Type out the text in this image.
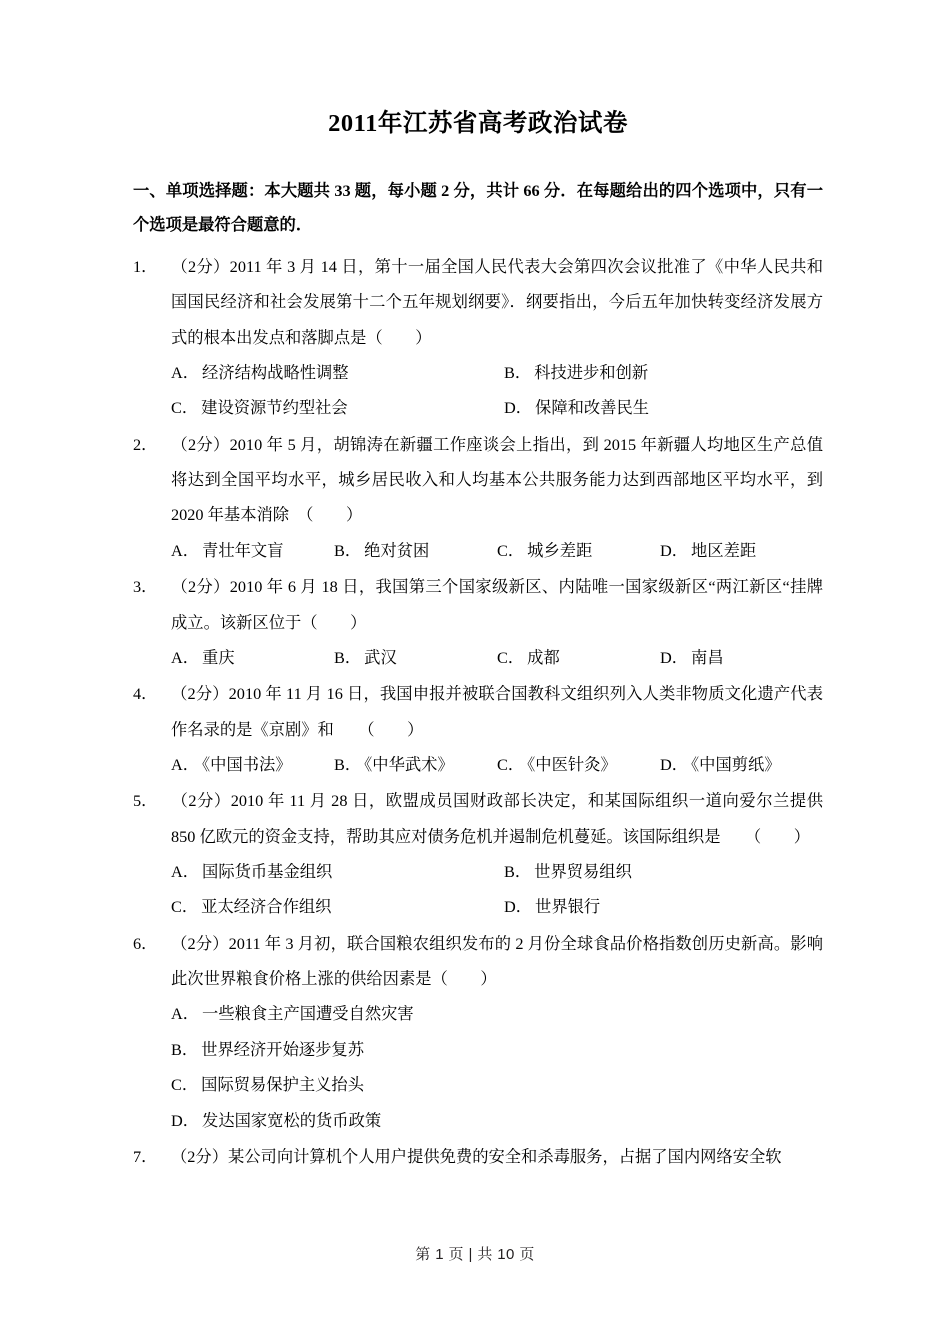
2011年江苏省高考政治试卷
一、单项选择题：本大题共 33 题，每小题 2 分，共计 66 分．在每题给出的四个选项中，只有一个选项是最符合题意的．
1． （2分）2011 年 3 月 14 日，第十一届全国人民代表大会第四次会议批准了《中华人民共和国国民经济和社会发展第十二个五年规划纲要》．纲要指出，今后五年加快转变经济发展方式的根本出发点和落脚点是（　　）
A． 经济结构战略性调整	B． 科技进步和创新
C． 建设资源节约型社会	D． 保障和改善民生
2． （2分）2010 年 5 月，胡锦涛在新疆工作座谈会上指出，到 2015 年新疆人均地区生产总值将达到全国平均水平，城乡居民收入和人均基本公共服务能力达到西部地区平均水平，到 2020 年基本消除　（　　）
A． 青壮年文盲	B． 绝对贫困	C． 城乡差距	D． 地区差距
3． （2分）2010 年 6 月 18 日，我国第三个国家级新区、内陆唯一国家级新区“两江新区“挂牌成立。该新区位于（　　）
A． 重庆	B． 武汉	C． 成都	D． 南昌
4． （2分）2010 年 11 月 16 日，我国申报并被联合国教科文组织列入人类非物质文化遗产代表作名录的是《京剧》和　　（　　）
A． 《中国书法》	B． 《中华武术》	C． 《中医针灸》	D． 《中国剪纸》
5． （2分）2010 年 11 月 28 日，欧盟成员国财政部长决定，和某国际组织一道向爱尔兰提供 850 亿欧元的资金支持，帮助其应对债务危机并遏制危机蔓延。该国际组织是　　（　　）
A． 国际货币基金组织	B． 世界贸易组织
C． 亚太经济合作组织	D． 世界银行
6． （2分）2011 年 3 月初，联合国粮农组织发布的 2 月份全球食品价格指数创历史新高。影响此次世界粮食价格上涨的供给因素是（　　）
A． 一些粮食主产国遭受自然灾害
B． 世界经济开始逐步复苏
C． 国际贸易保护主义抬头
D． 发达国家宽松的货币政策
7． （2分）某公司向计算机个人用户提供免费的安全和杀毒服务，占据了国内网络安全软
第 1 页 | 共 10 页
